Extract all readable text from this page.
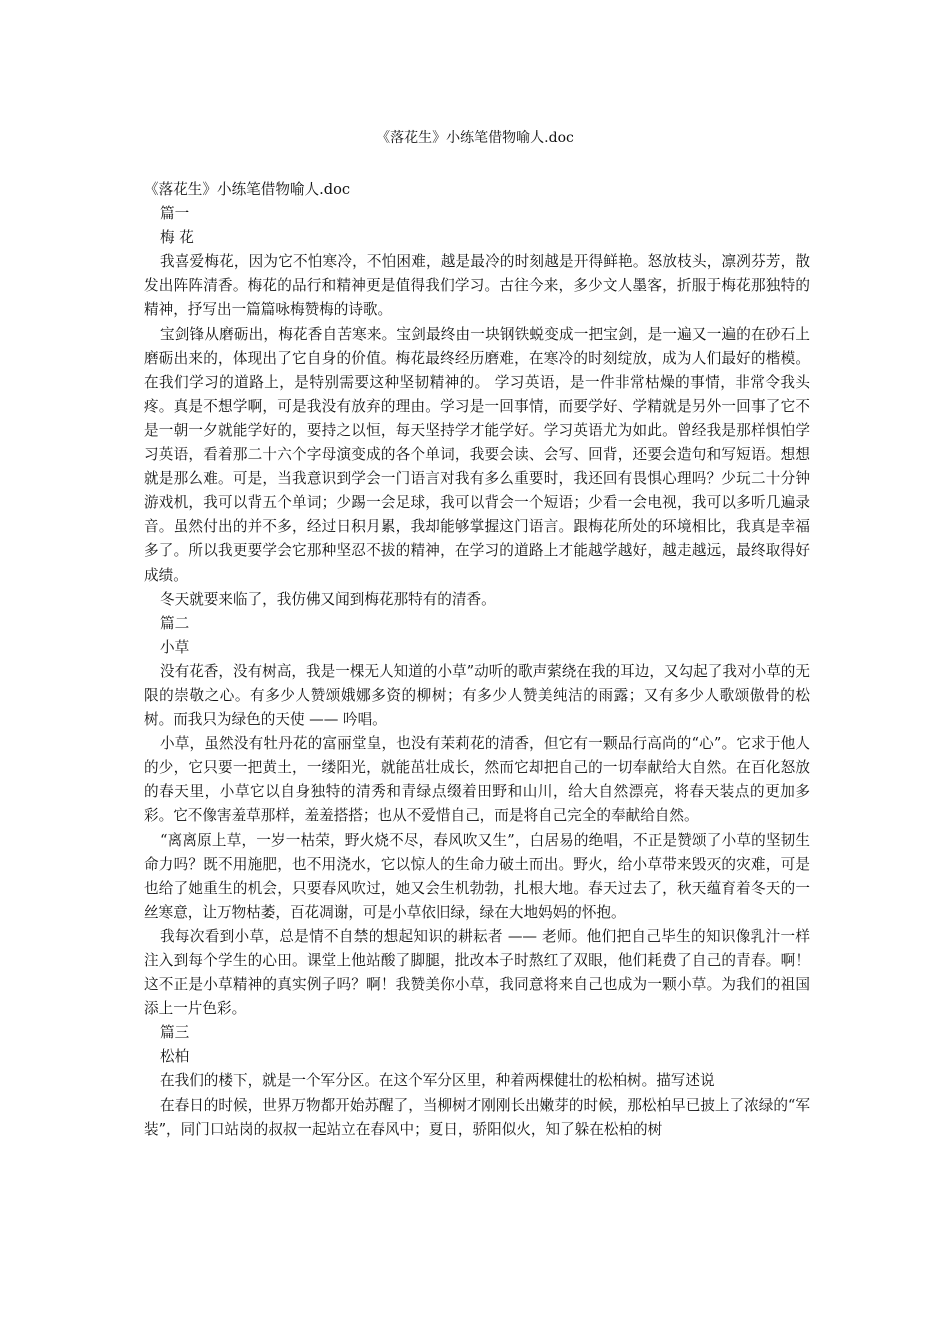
《落花生》小练笔借物喻人.doc

《落花生》小练笔借物喻人.doc

篇一

梅 花

我喜爱梅花，因为它不怕寒冷，不怕困难，越是最冷的时刻越是开得鲜艳。怒放枝头，凛冽芬芳，散发出阵阵清香。梅花的品行和精神更是值得我们学习。古往今来，多少文人墨客，折服于梅花那独特的精神，抒写出一篇篇咏梅赞梅的诗歌。

宝剑锋从磨砺出，梅花香自苦寒来。宝剑最终由一块钢铁蜕变成一把宝剑，是一遍又一遍的在砂石上磨砺出来的，体现出了它自身的价值。梅花最终经历磨难，在寒冷的时刻绽放，成为人们最好的楷模。在我们学习的道路上，是特别需要这种坚韧精神的。 学习英语，是一件非常枯燥的事情，非常令我头疼。真是不想学啊，可是我没有放弃的理由。学习是一回事情，而要学好、学精就是另外一回事了它不是一朝一夕就能学好的，要持之以恒，每天坚持学才能学好。学习英语尤为如此。曾经我是那样惧怕学习英语，看着那二十六个字母演变成的各个单词，我要会读、会写、回背，还要会造句和写短语。想想就是那么难。可是，当我意识到学会一门语言对我有多么重要时，我还回有畏惧心理吗？少玩二十分钟游戏机，我可以背五个单词；少踢一会足球，我可以背会一个短语；少看一会电视，我可以多听几遍录音。虽然付出的并不多，经过日积月累，我却能够掌握这门语言。跟梅花所处的环境相比，我真是幸福多了。所以我更要学会它那种坚忍不拔的精神，在学习的道路上才能越学越好，越走越远，最终取得好成绩。

冬天就要来临了，我仿佛又闻到梅花那特有的清香。

篇二

小草

没有花香，没有树高，我是一棵无人知道的小草”动听的歌声萦绕在我的耳边，又勾起了我对小草的无限的崇敬之心。有多少人赞颂娥娜多资的柳树；有多少人赞美纯洁的雨露；又有多少人歌颂傲骨的松树。而我只为绿色的天使 —— 吟唱。

小草，虽然没有牡丹花的富丽堂皇，也没有茉莉花的清香，但它有一颗品行高尚的“心”。它求于他人的少，它只要一把黄土，一缕阳光，就能茁壮成长，然而它却把自己的一切奉献给大自然。在百化怒放的春天里，小草它以自身独特的清秀和青绿点缀着田野和山川，给大自然漂亮，将春天装点的更加多彩。它不像害羞草那样，羞羞搭搭；也从不爱惜自己，而是将自己完全的奉献给自然。

“离离原上草，一岁一枯荣，野火烧不尽，春风吹又生”，白居易的绝唱，不正是赞颂了小草的坚韧生命力吗？既不用施肥，也不用浇水，它以惊人的生命力破土而出。野火，给小草带来毁灭的灾难，可是也给了她重生的机会，只要春风吹过，她又会生机勃勃，扎根大地。春天过去了，秋天蕴育着冬天的一丝寒意，让万物枯萎，百花凋谢，可是小草依旧绿，绿在大地妈妈的怀抱。

我每次看到小草，总是情不自禁的想起知识的耕耘者 —— 老师。他们把自己毕生的知识像乳汁一样注入到每个学生的心田。课堂上他站酸了脚腿，批改本子时熬红了双眼，他们耗费了自己的青春。啊！这不正是小草精神的真实例子吗？啊！我赞美你小草，我同意将来自己也成为一颗小草。为我们的祖国添上一片色彩。

篇三

松柏

在我们的楼下，就是一个军分区。在这个军分区里，种着两棵健壮的松柏树。描写述说

在春日的时候，世界万物都开始苏醒了，当柳树才刚刚长出嫩芽的时候，那松柏早已披上了浓绿的“军装”，同门口站岗的叔叔一起站立在春风中；夏日，骄阳似火，知了躲在松柏的树
